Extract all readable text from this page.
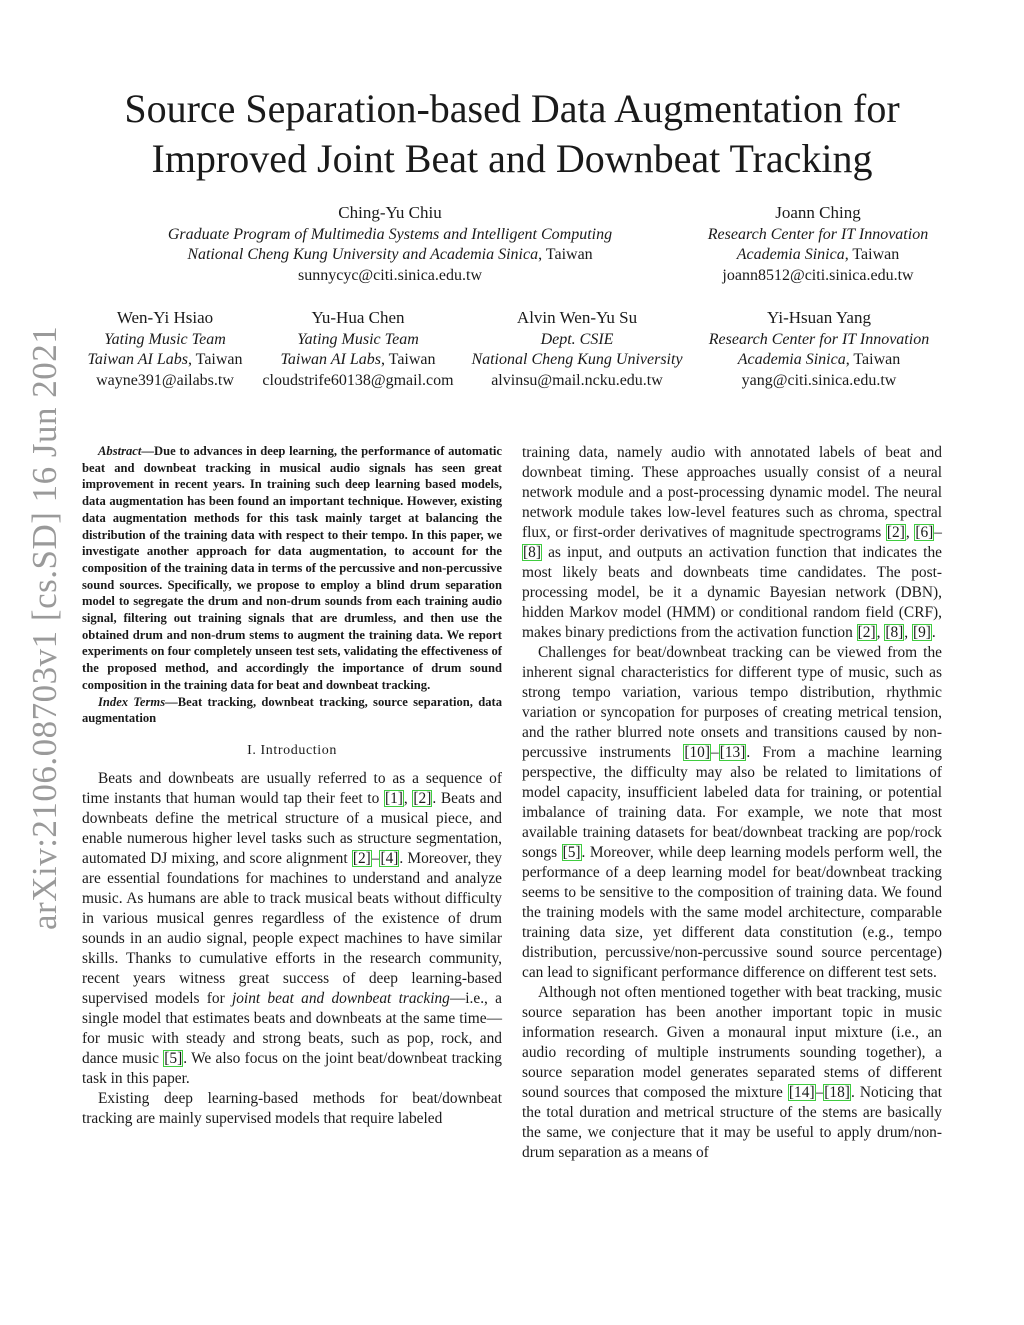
arXiv:2106.08703v1 [cs.SD] 16 Jun 2021
Source Separation-based Data Augmentation for
Improved Joint Beat and Downbeat Tracking
Ching-Yu Chiu
Graduate Program of Multimedia Systems and Intelligent Computing
National Cheng Kung University and Academia Sinica, Taiwan
sunnycyc@citi.sinica.edu.tw
Joann Ching
Research Center for IT Innovation
Academia Sinica, Taiwan
joann8512@citi.sinica.edu.tw
Wen-Yi Hsiao
Yating Music Team
Taiwan AI Labs, Taiwan
wayne391@ailabs.tw
Yu-Hua Chen
Yating Music Team
Taiwan AI Labs, Taiwan
cloudstrife60138@gmail.com
Alvin Wen-Yu Su
Dept. CSIE
National Cheng Kung University
alvinsu@mail.ncku.edu.tw
Yi-Hsuan Yang
Research Center for IT Innovation
Academia Sinica, Taiwan
yang@citi.sinica.edu.tw
Abstract—Due to advances in deep learning, the performance of automatic beat and downbeat tracking in musical audio signals has seen great improvement in recent years. In training such deep learning based models, data augmentation has been found an important technique. However, existing data augmentation methods for this task mainly target at balancing the distribution of the training data with respect to their tempo. In this paper, we investigate another approach for data augmentation, to account for the composition of the training data in terms of the percussive and non-percussive sound sources. Specifically, we propose to employ a blind drum separation model to segregate the drum and non-drum sounds from each training audio signal, filtering out training signals that are drumless, and then use the obtained drum and non-drum stems to augment the training data. We report experiments on four completely unseen test sets, validating the effectiveness of the proposed method, and accordingly the importance of drum sound composition in the training data for beat and downbeat tracking.
Index Terms—Beat tracking, downbeat tracking, source separation, data augmentation
I. Introduction

Beats and downbeats are usually referred to as a sequence of time instants that human would tap their feet to [1], [2]. Beats and downbeats define the metrical structure of a musical piece, and enable numerous higher level tasks such as structure segmentation, automated DJ mixing, and score alignment [2]–[4]. Moreover, they are essential foundations for machines to understand and analyze music. As humans are able to track musical beats without difficulty in various musical genres regardless of the existence of drum sounds in an audio signal, people expect machines to have similar skills. Thanks to cumulative efforts in the research community, recent years witness great success of deep learning-based supervised models for joint beat and downbeat tracking—i.e., a single model that estimates beats and downbeats at the same time—for music with steady and strong beats, such as pop, rock, and dance music [5]. We also focus on the joint beat/downbeat tracking task in this paper.

Existing deep learning-based methods for beat/downbeat tracking are mainly supervised models that require labeled

training data, namely audio with annotated labels of beat and downbeat timing. These approaches usually consist of a neural network module and a post-processing dynamic model. The neural network module takes low-level features such as chroma, spectral flux, or first-order derivatives of magnitude spectrograms [2], [6]–[8] as input, and outputs an activation function that indicates the most likely beats and downbeats time candidates. The post-processing model, be it a dynamic Bayesian network (DBN), hidden Markov model (HMM) or conditional random field (CRF), makes binary predictions from the activation function [2], [8], [9].

Challenges for beat/downbeat tracking can be viewed from the inherent signal characteristics for different type of music, such as strong tempo variation, various tempo distribution, rhythmic variation or syncopation for purposes of creating metrical tension, and the rather blurred note onsets and transitions caused by non-percussive instruments [10]–[13]. From a machine learning perspective, the difficulty may also be related to limitations of model capacity, insufficient labeled data for training, or potential imbalance of training data. For example, we note that most available training datasets for beat/downbeat tracking are pop/rock songs [5]. Moreover, while deep learning models perform well, the performance of a deep learning model for beat/downbeat tracking seems to be sensitive to the composition of training data. We found the training models with the same model architecture, comparable training data size, yet different data constitution (e.g., tempo distribution, percussive/non-percussive sound source percentage) can lead to significant performance difference on different test sets.

Although not often mentioned together with beat tracking, music source separation has been another important topic in music information research. Given a monaural input mixture (i.e., an audio recording of multiple instruments sounding together), a source separation model generates separated stems of different sound sources that composed the mixture [14]–[18]. Noticing that the total duration and metrical structure of the stems are basically the same, we conjecture that it may be useful to apply drum/non-drum separation as a means of
